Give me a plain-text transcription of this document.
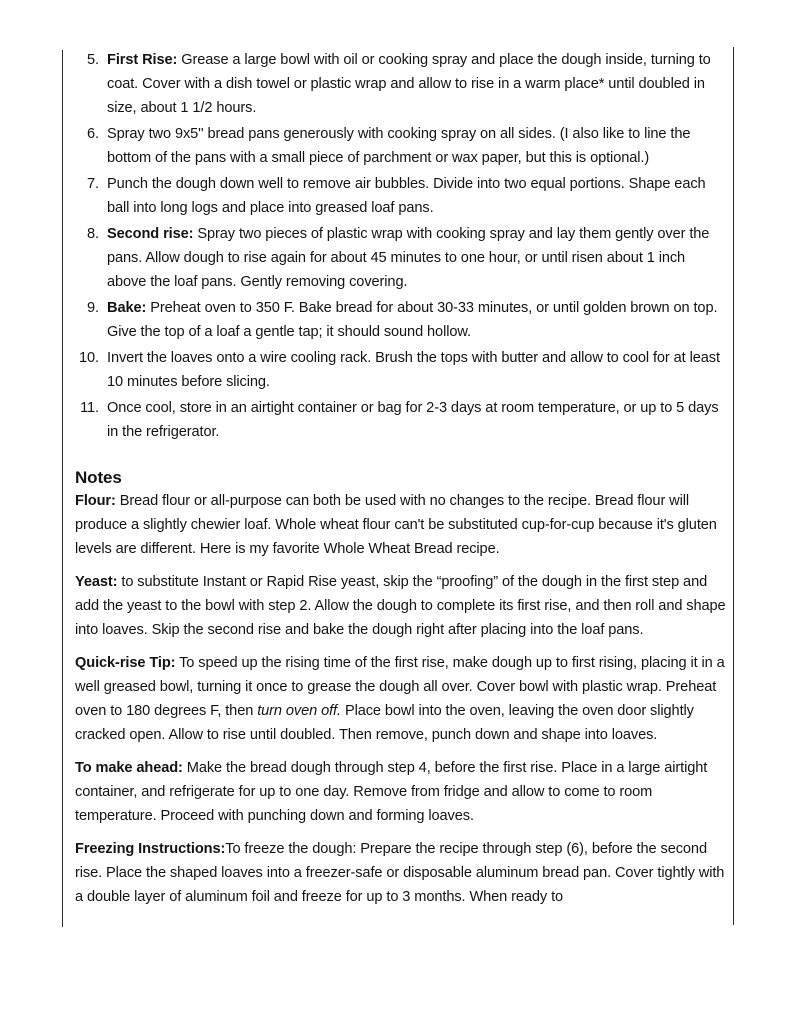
5. First Rise: Grease a large bowl with oil or cooking spray and place the dough inside, turning to coat. Cover with a dish towel or plastic wrap and allow to rise in a warm place* until doubled in size, about 1 1/2 hours.
6. Spray two 9x5'' bread pans generously with cooking spray on all sides. (I also like to line the bottom of the pans with a small piece of parchment or wax paper, but this is optional.)
7. Punch the dough down well to remove air bubbles. Divide into two equal portions. Shape each ball into long logs and place into greased loaf pans.
8. Second rise: Spray two pieces of plastic wrap with cooking spray and lay them gently over the pans. Allow dough to rise again for about 45 minutes to one hour, or until risen about 1 inch above the loaf pans. Gently removing covering.
9. Bake: Preheat oven to 350 F. Bake bread for about 30-33 minutes, or until golden brown on top. Give the top of a loaf a gentle tap; it should sound hollow.
10. Invert the loaves onto a wire cooling rack. Brush the tops with butter and allow to cool for at least 10 minutes before slicing.
11. Once cool, store in an airtight container or bag for 2-3 days at room temperature, or up to 5 days in the refrigerator.
Notes

Flour: Bread flour or all-purpose can both be used with no changes to the recipe. Bread flour will produce a slightly chewier loaf. Whole wheat flour can't be substituted cup-for-cup because it's gluten levels are different. Here is my favorite Whole Wheat Bread recipe.

Yeast: to substitute Instant or Rapid Rise yeast, skip the “proofing” of the dough in the first step and add the yeast to the bowl with step 2. Allow the dough to complete its first rise, and then roll and shape into loaves. Skip the second rise and bake the dough right after placing into the loaf pans.

Quick-rise Tip: To speed up the rising time of the first rise, make dough up to first rising, placing it in a well greased bowl, turning it once to grease the dough all over. Cover bowl with plastic wrap. Preheat oven to 180 degrees F, then turn oven off. Place bowl into the oven, leaving the oven door slightly cracked open. Allow to rise until doubled. Then remove, punch down and shape into loaves.

To make ahead: Make the bread dough through step 4, before the first rise. Place in a large airtight container, and refrigerate for up to one day. Remove from fridge and allow to come to room temperature. Proceed with punching down and forming loaves.

Freezing Instructions:To freeze the dough: Prepare the recipe through step (6), before the second rise. Place the shaped loaves into a freezer-safe or disposable aluminum bread pan. Cover tightly with a double layer of aluminum foil and freeze for up to 3 months. When ready to
